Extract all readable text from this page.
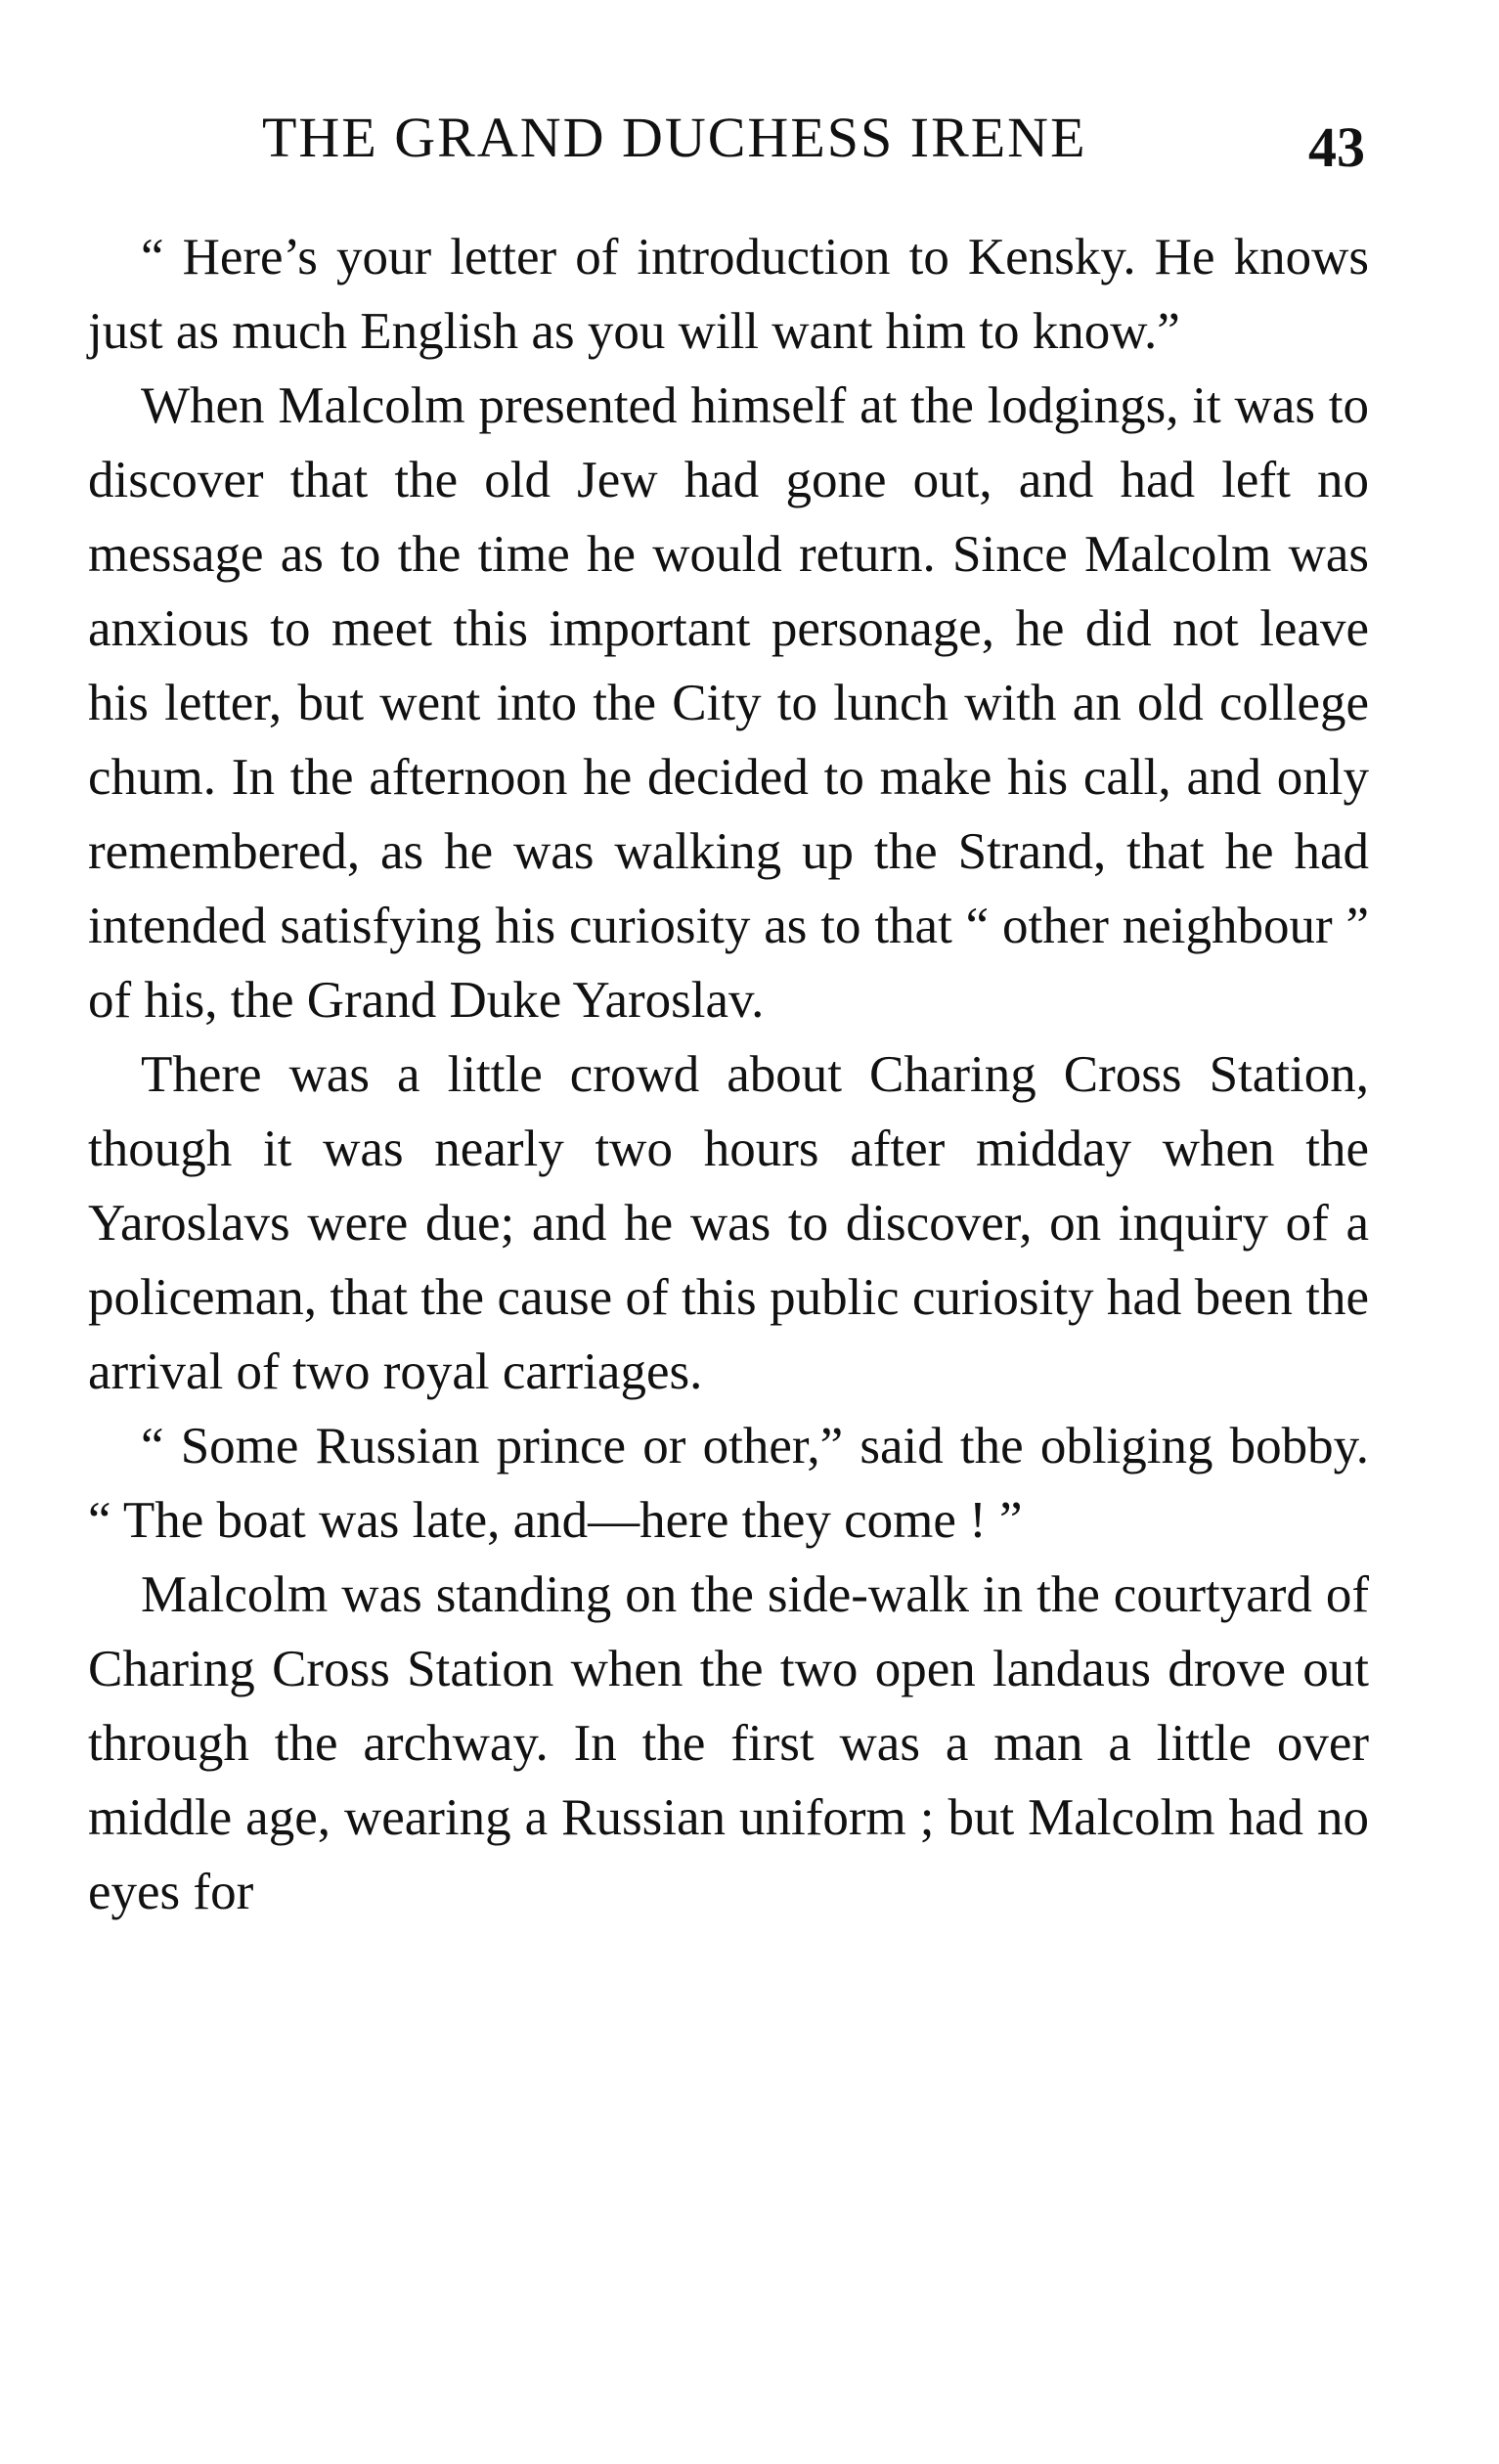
THE GRAND DUCHESS IRENE	43

“ Here’s your letter of introduction to Kensky. He knows just as much English as you will want him to know.”

When Malcolm presented himself at the lodgings, it was to discover that the old Jew had gone out, and had left no message as to the time he would return. Since Malcolm was anxious to meet this important personage, he did not leave his letter, but went into the City to lunch with an old college chum. In the afternoon he decided to make his call, and only remembered, as he was walking up the Strand, that he had intended satisfying his curiosity as to that “ other neighbour ” of his, the Grand Duke Yaroslav.

There was a little crowd about Charing Cross Station, though it was nearly two hours after midday when the Yaroslavs were due; and he was to discover, on inquiry of a policeman, that the cause of this public curiosity had been the arrival of two royal carriages.

“ Some Russian prince or other,” said the obliging bobby. “ The boat was late, and—here they come ! ”

Malcolm was standing on the side-walk in the courtyard of Charing Cross Station when the two open landaus drove out through the archway. In the first was a man a little over middle age, wearing a Russian uniform ; but Malcolm had no eyes for
